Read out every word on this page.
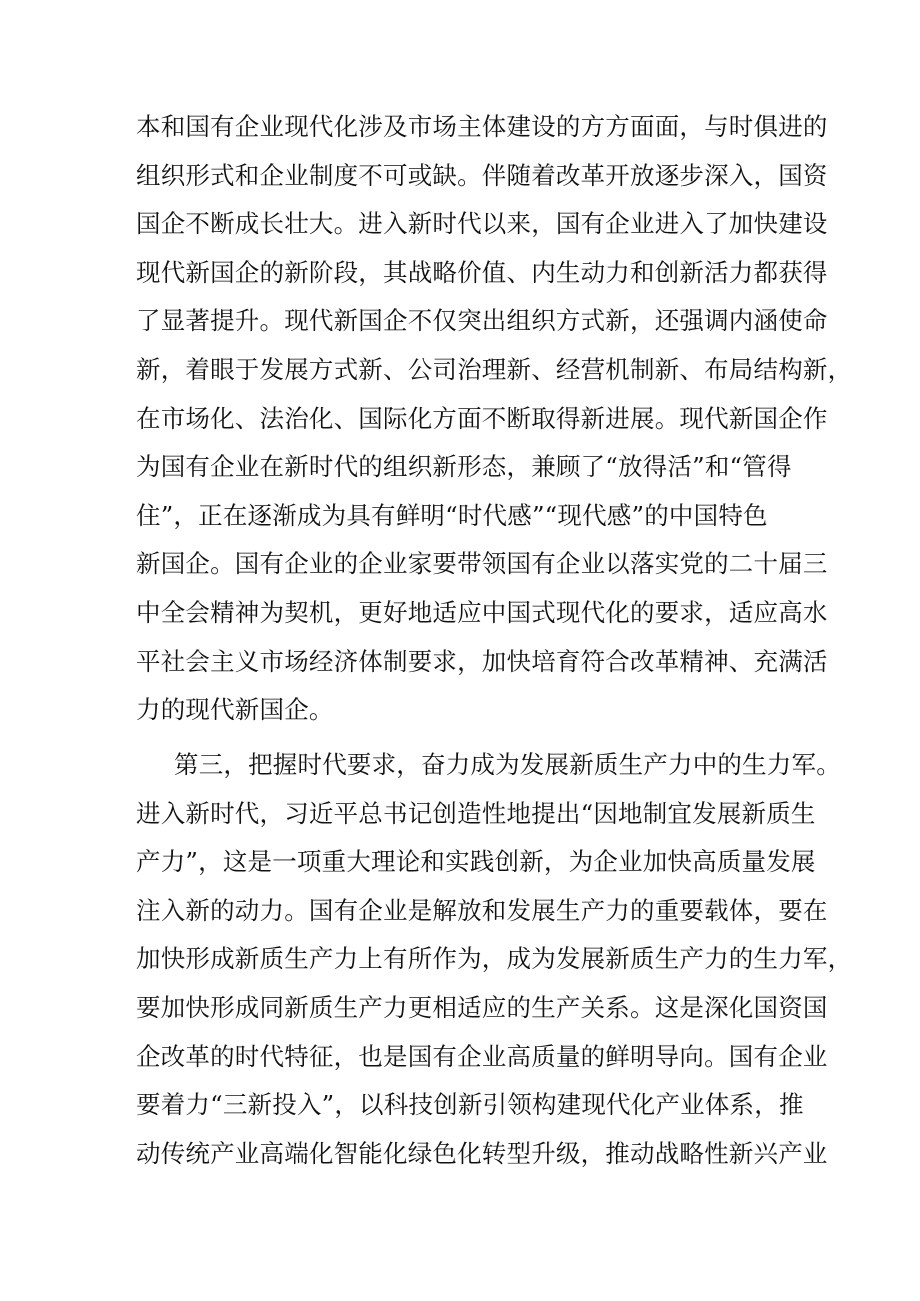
本和国有企业现代化涉及市场主体建设的方方面面，与时俱进的
组织形式和企业制度不可或缺。伴随着改革开放逐步深入，国资
国企不断成长壮大。进入新时代以来，国有企业进入了加快建设
现代新国企的新阶段，其战略价值、内生动力和创新活力都获得
了显著提升。现代新国企不仅突出组织方式新，还强调内涵使命
新，着眼于发展方式新、公司治理新、经营机制新、布局结构新，
在市场化、法治化、国际化方面不断取得新进展。现代新国企作
为国有企业在新时代的组织新形态，兼顾了“放得活”和“管得
住”，正在逐渐成为具有鲜明“时代感”“现代感”的中国特色
新国企。国有企业的企业家要带领国有企业以落实党的二十届三
中全会精神为契机，更好地适应中国式现代化的要求，适应高水
平社会主义市场经济体制要求，加快培育符合改革精神、充满活
力的现代新国企。
第三，把握时代要求，奋力成为发展新质生产力中的生力军。
进入新时代，习近平总书记创造性地提出“因地制宜发展新质生
产力”，这是一项重大理论和实践创新，为企业加快高质量发展
注入新的动力。国有企业是解放和发展生产力的重要载体，要在
加快形成新质生产力上有所作为，成为发展新质生产力的生力军，
要加快形成同新质生产力更相适应的生产关系。这是深化国资国
企改革的时代特征，也是国有企业高质量的鲜明导向。国有企业
要着力“三新投入”，以科技创新引领构建现代化产业体系，推
动传统产业高端化智能化绿色化转型升级，推动战略性新兴产业
